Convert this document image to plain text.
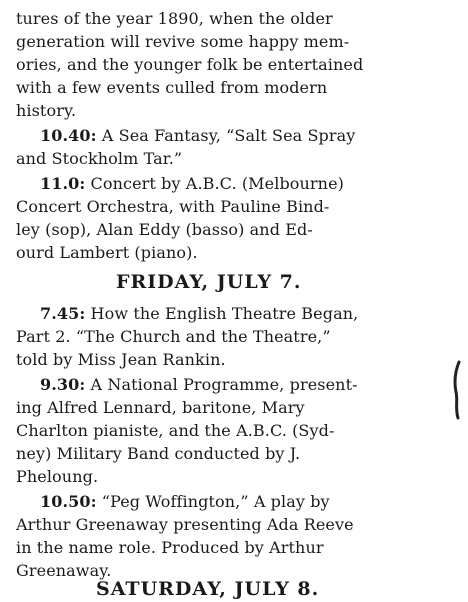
tures of the year 1890, when the older
generation will revive some happy mem-
ories, and the younger folk be entertained
with a few events culled from modern
history.
10.40: A Sea Fantasy, “Salt Sea Spray
and Stockholm Tar.”
11.0: Concert by A.B.C. (Melbourne)
Concert Orchestra, with Pauline Bind-
ley (sop), Alan Eddy (basso) and Ed-
ourd Lambert (piano).
FRIDAY, JULY 7.
7.45: How the English Theatre Began,
Part 2. “The Church and the Theatre,”
told by Miss Jean Rankin.
9.30: A National Programme, present-
ing Alfred Lennard, baritone, Mary
Charlton pianiste, and the A.B.C. (Syd-
ney) Military Band conducted by J.
Pheloung.
10.50: “Peg Woffington,” A play by
Arthur Greenaway presenting Ada Reeve
in the name role. Produced by Arthur
Greenaway.
SATURDAY, JULY 8.
